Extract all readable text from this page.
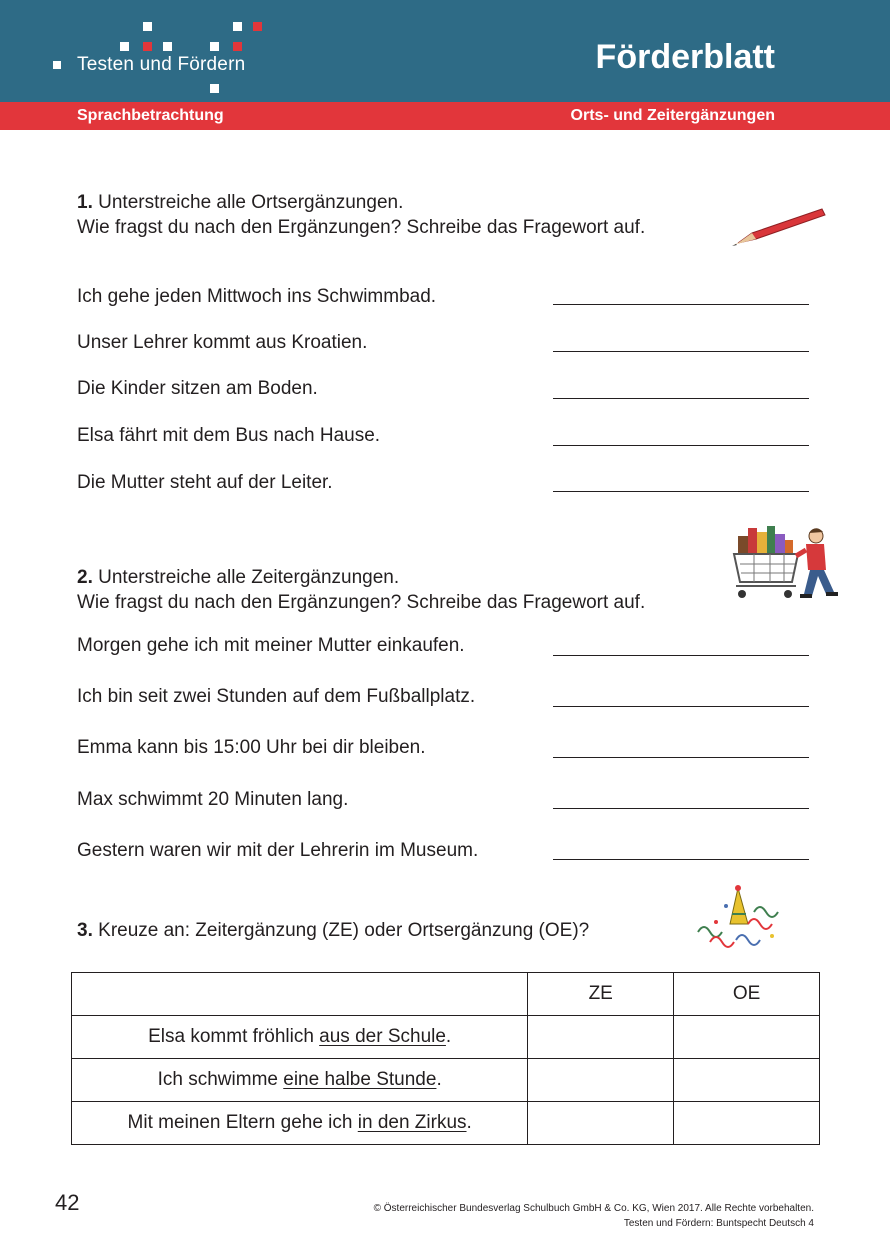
Testen und Fördern	Förderblatt
Sprachbetrachtung	Orts- und Zeitergänzungen
1. Unterstreiche alle Ortsergänzungen.
Wie fragst du nach den Ergänzungen? Schreibe das Fragewort auf.
Ich gehe jeden Mittwoch ins Schwimmbad.
Unser Lehrer kommt aus Kroatien.
Die Kinder sitzen am Boden.
Elsa fährt mit dem Bus nach Hause.
Die Mutter steht auf der Leiter.
2. Unterstreiche alle Zeitergänzungen.
Wie fragst du nach den Ergänzungen? Schreibe das Fragewort auf.
Morgen gehe ich mit meiner Mutter einkaufen.
Ich bin seit zwei Stunden auf dem Fußballplatz.
Emma kann bis 15:00 Uhr bei dir bleiben.
Max schwimmt 20 Minuten lang.
Gestern waren wir mit der Lehrerin im Museum.
3. Kreuze an: Zeitergänzung (ZE) oder Ortsergänzung (OE)?
	ZE	OE
Elsa kommt fröhlich aus der Schule.		
Ich schwimme eine halbe Stunde.		
Mit meinen Eltern gehe ich in den Zirkus.		
42	© Österreichischer Bundesverlag Schulbuch GmbH & Co. KG, Wien 2017. Alle Rechte vorbehalten.
Testen und Fördern: Buntspecht Deutsch 4
